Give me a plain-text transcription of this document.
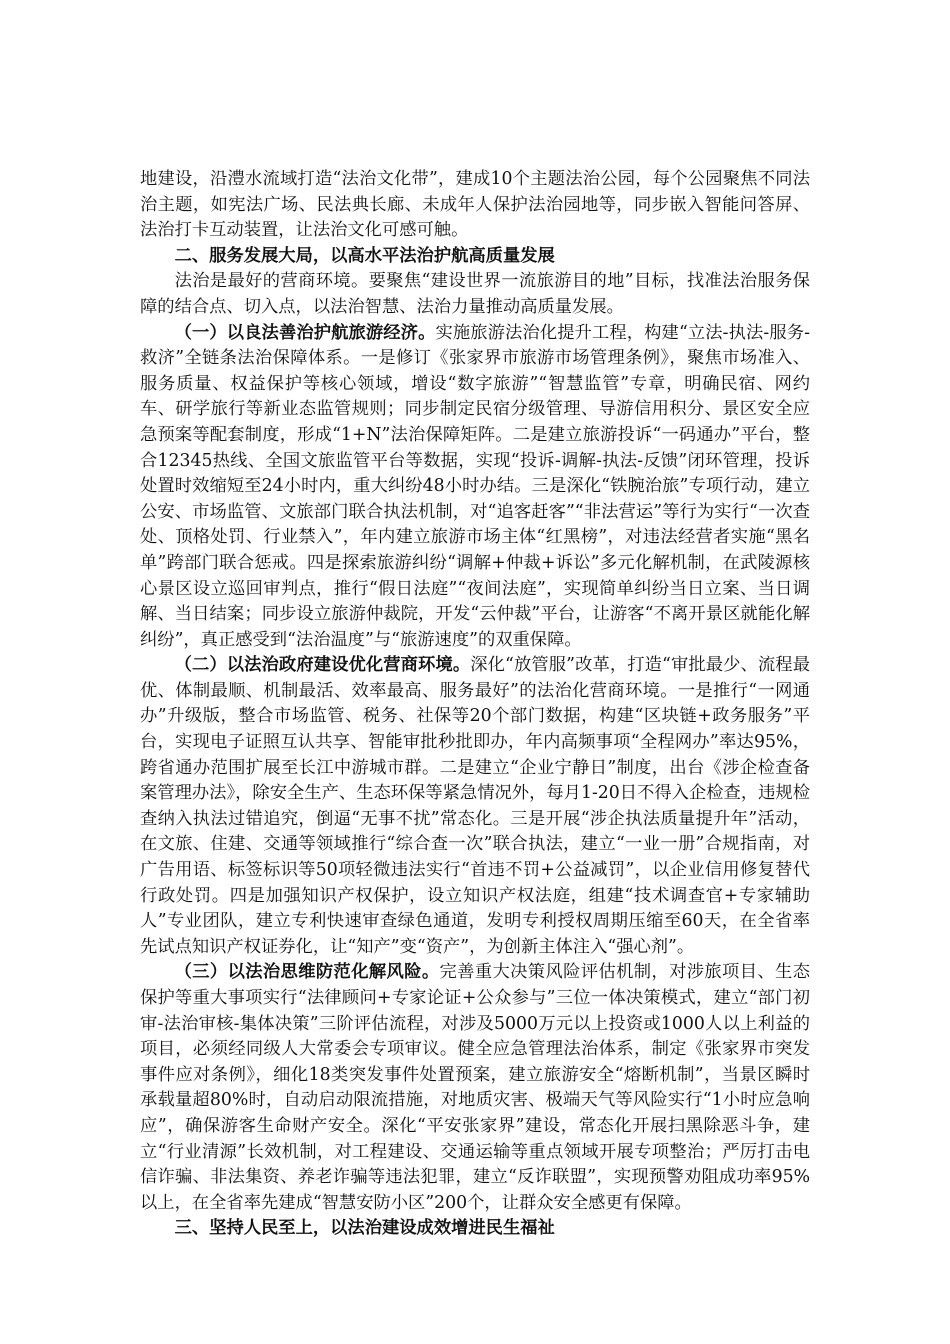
地建设，沿澧水流域打造“法治文化带”，建成10个主题法治公园，每个公园聚焦不同法治主题，如宪法广场、民法典长廊、未成年人保护法治园地等，同步嵌入智能问答屏、法治打卡互动装置，让法治文化可感可触。

二、服务发展大局，以高水平法治护航高质量发展

法治是最好的营商环境。要聚焦“建设世界一流旅游目的地”目标，找准法治服务保障的结合点、切入点，以法治智慧、法治力量推动高质量发展。

（一）以良法善治护航旅游经济。实施旅游法治化提升工程，构建“立法-执法-服务-救济”全链条法治保障体系。一是修订《张家界市旅游市场管理条例》，聚焦市场准入、服务质量、权益保护等核心领域，增设“数字旅游”“智慧监管”专章，明确民宿、网约车、研学旅行等新业态监管规则；同步制定民宿分级管理、导游信用积分、景区安全应急预案等配套制度，形成“1+N”法治保障矩阵。二是建立旅游投诉“一码通办”平台，整合12345热线、全国文旅监管平台等数据，实现“投诉-调解-执法-反馈”闭环管理，投诉处置时效缩短至24小时内，重大纠纷48小时办结。三是深化“铁腕治旅”专项行动，建立公安、市场监管、文旅部门联合执法机制，对“追客赶客”“非法营运”等行为实行“一次查处、顶格处罚、行业禁入”，年内建立旅游市场主体“红黑榜”，对违法经营者实施“黑名单”跨部门联合惩戒。四是探索旅游纠纷“调解+仲裁+诉讼”多元化解机制，在武陵源核心景区设立巡回审判点，推行“假日法庭”“夜间法庭”，实现简单纠纷当日立案、当日调解、当日结案；同步设立旅游仲裁院，开发“云仲裁”平台，让游客“不离开景区就能化解纠纷”，真正感受到“法治温度”与“旅游速度”的双重保障。

（二）以法治政府建设优化营商环境。深化“放管服”改革，打造“审批最少、流程最优、体制最顺、机制最活、效率最高、服务最好”的法治化营商环境。一是推行“一网通办”升级版，整合市场监管、税务、社保等20个部门数据，构建“区块链+政务服务”平台，实现电子证照互认共享、智能审批秒批即办，年内高频事项“全程网办”率达95%，跨省通办范围扩展至长江中游城市群。二是建立“企业宁静日”制度，出台《涉企检查备案管理办法》，除安全生产、生态环保等紧急情况外，每月1-20日不得入企检查，违规检查纳入执法过错追究，倒逼“无事不扰”常态化。三是开展“涉企执法质量提升年”活动，在文旅、住建、交通等领域推行“综合查一次”联合执法，建立“一业一册”合规指南，对广告用语、标签标识等50项轻微违法实行“首违不罚+公益减罚”，以企业信用修复替代行政处罚。四是加强知识产权保护，设立知识产权法庭，组建“技术调查官+专家辅助人”专业团队，建立专利快速审查绿色通道，发明专利授权周期压缩至60天，在全省率先试点知识产权证券化，让“知产”变“资产”，为创新主体注入“强心剂”。

（三）以法治思维防范化解风险。完善重大决策风险评估机制，对涉旅项目、生态保护等重大事项实行“法律顾问+专家论证+公众参与”三位一体决策模式，建立“部门初审-法治审核-集体决策”三阶评估流程，对涉及5000万元以上投资或1000人以上利益的项目，必须经同级人大常委会专项审议。健全应急管理法治体系，制定《张家界市突发事件应对条例》，细化18类突发事件处置预案，建立旅游安全“熔断机制”，当景区瞬时承载量超80%时，自动启动限流措施，对地质灾害、极端天气等风险实行“1小时应急响应”，确保游客生命财产安全。深化“平安张家界”建设，常态化开展扫黑除恶斗争，建立“行业清源”长效机制，对工程建设、交通运输等重点领域开展专项整治；严厉打击电信诈骗、非法集资、养老诈骗等违法犯罪，建立“反诈联盟”，实现预警劝阻成功率95%以上，在全省率先建成“智慧安防小区”200个，让群众安全感更有保障。

三、坚持人民至上，以法治建设成效增进民生福祉
